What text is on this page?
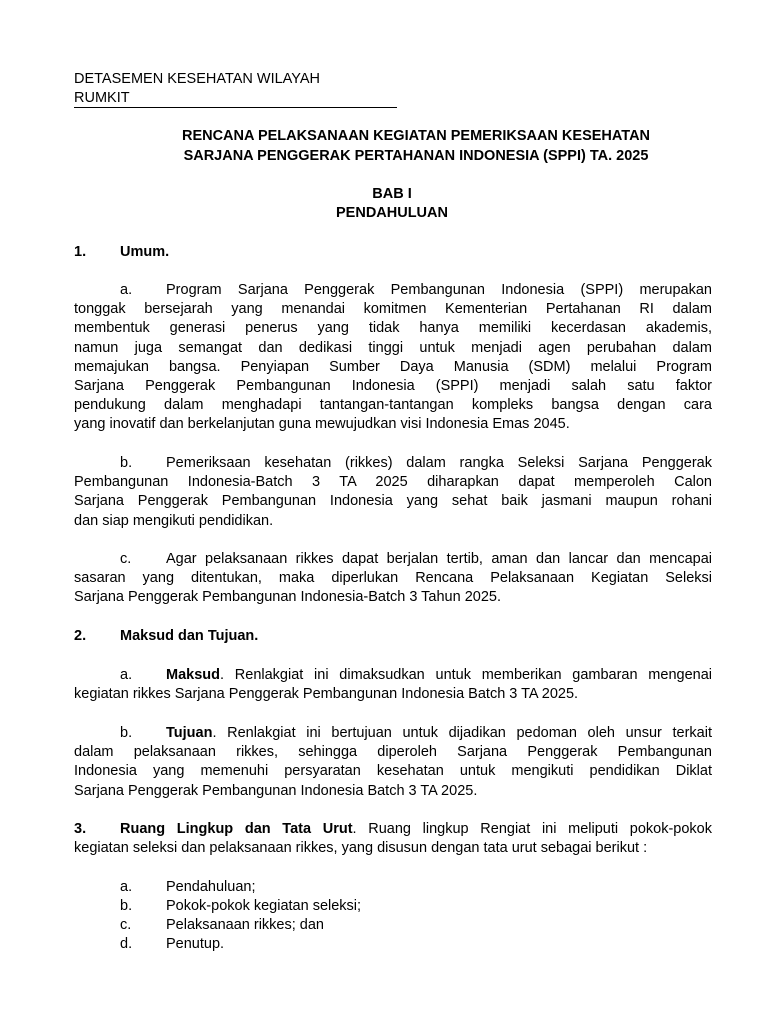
DETASEMEN KESEHATAN WILAYAH
RUMKIT
RENCANA PELAKSANAAN KEGIATAN PEMERIKSAAN KESEHATAN
SARJANA PENGGERAK PERTAHANAN INDONESIA (SPPI) TA. 2025
BAB I
PENDAHULUAN
1. Umum.
a. Program Sarjana Penggerak Pembangunan Indonesia (SPPI) merupakan
tonggak bersejarah yang menandai komitmen Kementerian Pertahanan RI dalam
membentuk generasi penerus yang tidak hanya memiliki kecerdasan akademis,
namun juga semangat dan dedikasi tinggi untuk menjadi agen perubahan dalam
memajukan bangsa. Penyiapan Sumber Daya Manusia (SDM) melalui Program
Sarjana Penggerak Pembangunan Indonesia (SPPI) menjadi salah satu faktor
pendukung dalam menghadapi tantangan-tantangan kompleks bangsa dengan cara
yang inovatif dan berkelanjutan guna mewujudkan visi Indonesia Emas 2045.
b. Pemeriksaan kesehatan (rikkes) dalam rangka Seleksi Sarjana Penggerak
Pembangunan Indonesia-Batch 3 TA 2025 diharapkan dapat memperoleh Calon
Sarjana Penggerak Pembangunan Indonesia yang sehat baik jasmani maupun rohani
dan siap mengikuti pendidikan.
c. Agar pelaksanaan rikkes dapat berjalan tertib, aman dan lancar dan mencapai
sasaran yang ditentukan, maka diperlukan Rencana Pelaksanaan Kegiatan Seleksi
Sarjana Penggerak Pembangunan Indonesia-Batch 3 Tahun 2025.
2. Maksud dan Tujuan.
a. Maksud. Renlakgiat ini dimaksudkan untuk memberikan gambaran mengenai
kegiatan rikkes Sarjana Penggerak Pembangunan Indonesia Batch 3 TA 2025.
b. Tujuan. Renlakgiat ini bertujuan untuk dijadikan pedoman oleh unsur terkait
dalam pelaksanaan rikkes, sehingga diperoleh Sarjana Penggerak Pembangunan
Indonesia yang memenuhi persyaratan kesehatan untuk mengikuti pendidikan Diklat
Sarjana Penggerak Pembangunan Indonesia Batch 3 TA 2025.
3. Ruang Lingkup dan Tata Urut. Ruang lingkup Rengiat ini meliputi pokok-pokok
kegiatan seleksi dan pelaksanaan rikkes, yang disusun dengan tata urut sebagai berikut :
a. Pendahuluan;
b. Pokok-pokok kegiatan seleksi;
c. Pelaksanaan rikkes; dan
d. Penutup.
